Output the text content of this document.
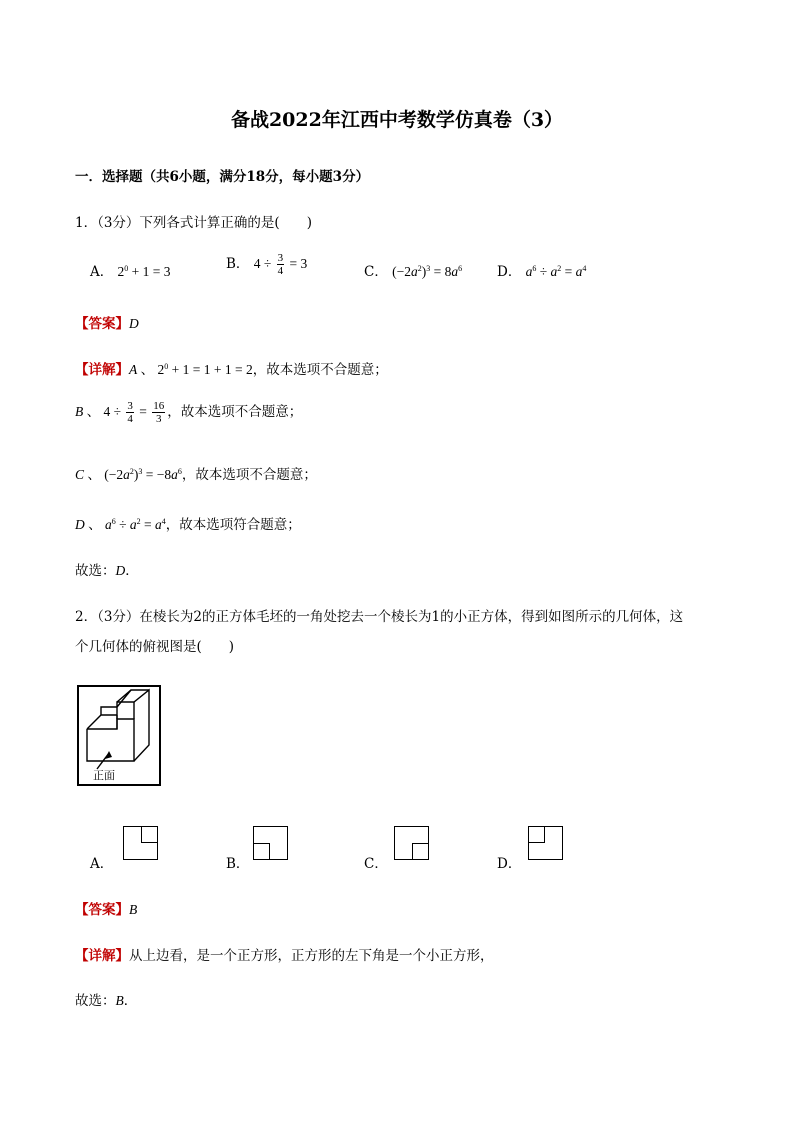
备战2022年江西中考数学仿真卷（3）
一．选择题（共6小题，满分18分，每小题3分）
1．（3分）下列各式计算正确的是(　　)
A． $2^0 + 1 = 3$	B． $4 \div \frac{3}{4} = 3$
C． $(-2a^2)^3 = 8a^6$	D． $a^6 \div a^2 = a^4$
【答案】D
【详解】A 、 $2^0 + 1 = 1 + 1 = 2$，故本选项不合题意；
B 、 $4 \div \frac{3}{4} = \frac{16}{3}$ ，故本选项不合题意；
C 、 $(-2a^2)^3 = -8a^6$，故本选项不合题意；
D 、 $a^6 \div a^2 = a^4$，故本选项符合题意；
故选：D．
2．（3分）在棱长为2的正方体毛坯的一角处挖去一个棱长为1的小正方体，得到如图所示的几何体，这
个几何体的俯视图是(　　)
正面
A．	B．	C．	D．
【答案】B
【详解】从上边看，是一个正方形，正方形的左下角是一个小正方形，
故选：B．
